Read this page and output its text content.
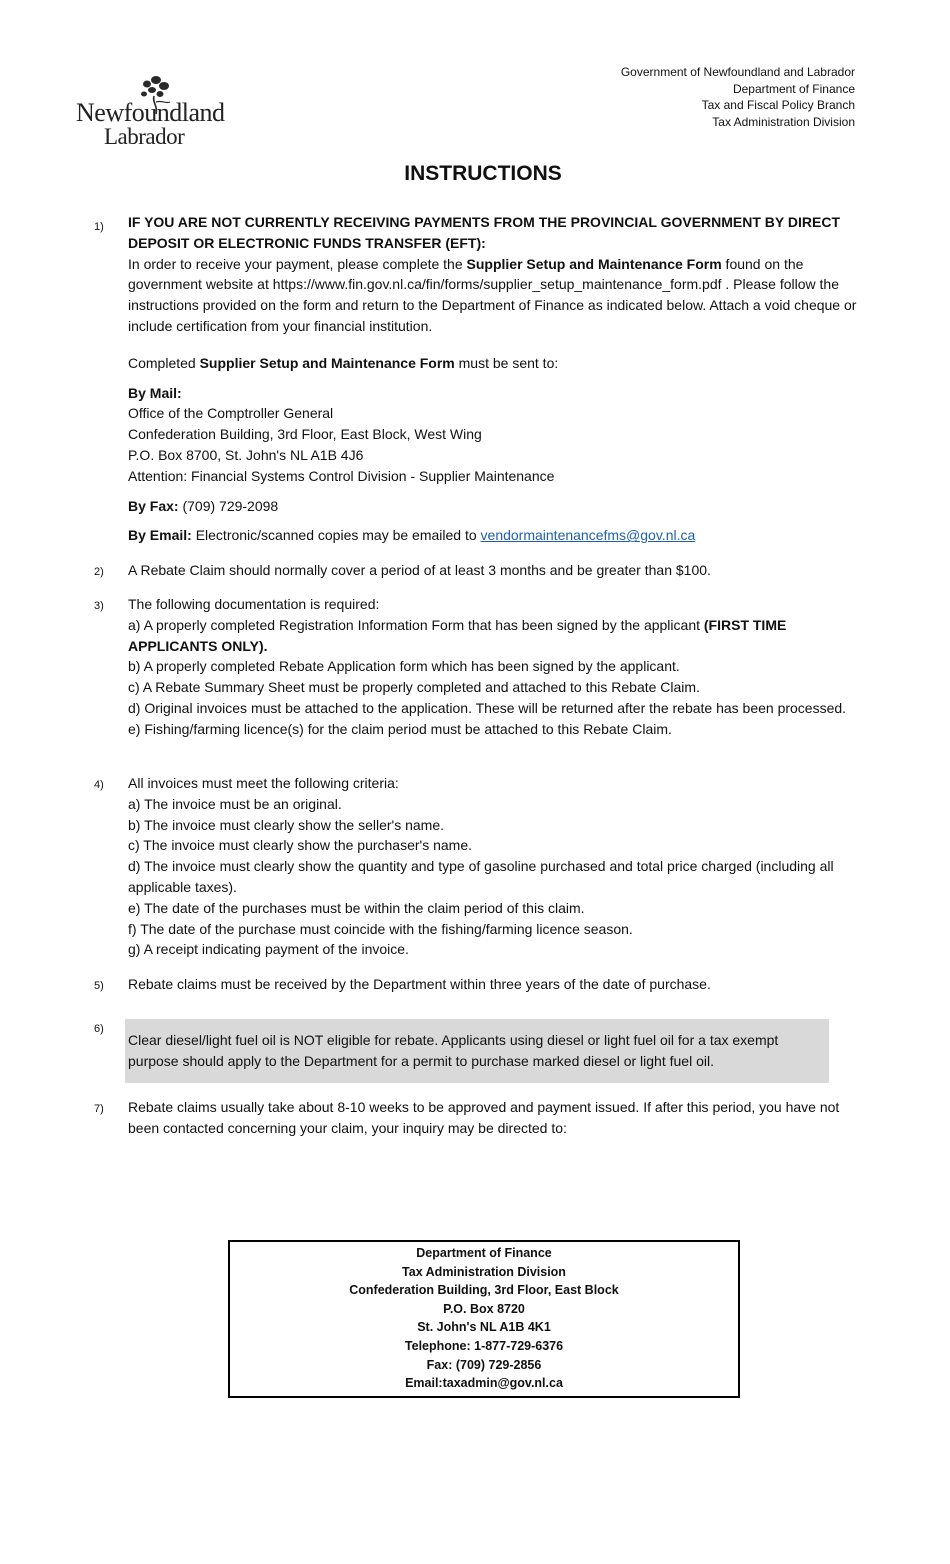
Newfoundland
Labrador
Government of Newfoundland and Labrador
Department of Finance
Tax and Fiscal Policy Branch
Tax Administration Division
INSTRUCTIONS
1) IF YOU ARE NOT CURRENTLY RECEIVING PAYMENTS FROM THE PROVINCIAL GOVERNMENT BY DIRECT DEPOSIT OR ELECTRONIC FUNDS TRANSFER (EFT):

In order to receive your payment, please complete the Supplier Setup and Maintenance Form found on the government website at https://www.fin.gov.nl.ca/fin/forms/supplier_setup_maintenance_form.pdf . Please follow the instructions provided on the form and return to the Department of Finance as indicated below. Attach a void cheque or include certification from your financial institution.

Completed Supplier Setup and Maintenance Form must be sent to:

By Mail:

Office of the Comptroller General

Confederation Building, 3rd Floor, East Block, West Wing

P.O. Box 8700, St. John's NL A1B 4J6

Attention: Financial Systems Control Division - Supplier Maintenance

By Fax: (709) 729-2098

By Email: Electronic/scanned copies may be emailed to vendormaintenancefms@gov.nl.ca

2) A Rebate Claim should normally cover a period of at least 3 months and be greater than $100.

3) The following documentation is required:

a) A properly completed Registration Information Form that has been signed by the applicant (FIRST TIME APPLICANTS ONLY).

b) A properly completed Rebate Application form which has been signed by the applicant.

c) A Rebate Summary Sheet must be properly completed and attached to this Rebate Claim.

d) Original invoices must be attached to the application. These will be returned after the rebate has been processed.

e) Fishing/farming licence(s) for the claim period must be attached to this Rebate Claim.

4) All invoices must meet the following criteria:

a) The invoice must be an original.

b) The invoice must clearly show the seller's name.

c) The invoice must clearly show the purchaser's name.

d) The invoice must clearly show the quantity and type of gasoline purchased and total price charged (including all applicable taxes).

e) The date of the purchases must be within the claim period of this claim.

f) The date of the purchase must coincide with the fishing/farming licence season.

g) A receipt indicating payment of the invoice.

5) Rebate claims must be received by the Department within three years of the date of purchase.

6)
Clear diesel/light fuel oil is NOT eligible for rebate. Applicants using diesel or light fuel oil for a tax exempt purpose should apply to the Department for a permit to purchase marked diesel or light fuel oil.
7) Rebate claims usually take about 8-10 weeks to be approved and payment issued. If after this period, you have not been contacted concerning your claim, your inquiry may be directed to:

Department of Finance
Tax Administration Division
Confederation Building, 3rd Floor, East Block
P.O. Box 8720
St. John's NL A1B 4K1
Telephone: 1-877-729-6376
Fax: (709) 729-2856
Email:taxadmin@gov.nl.ca
